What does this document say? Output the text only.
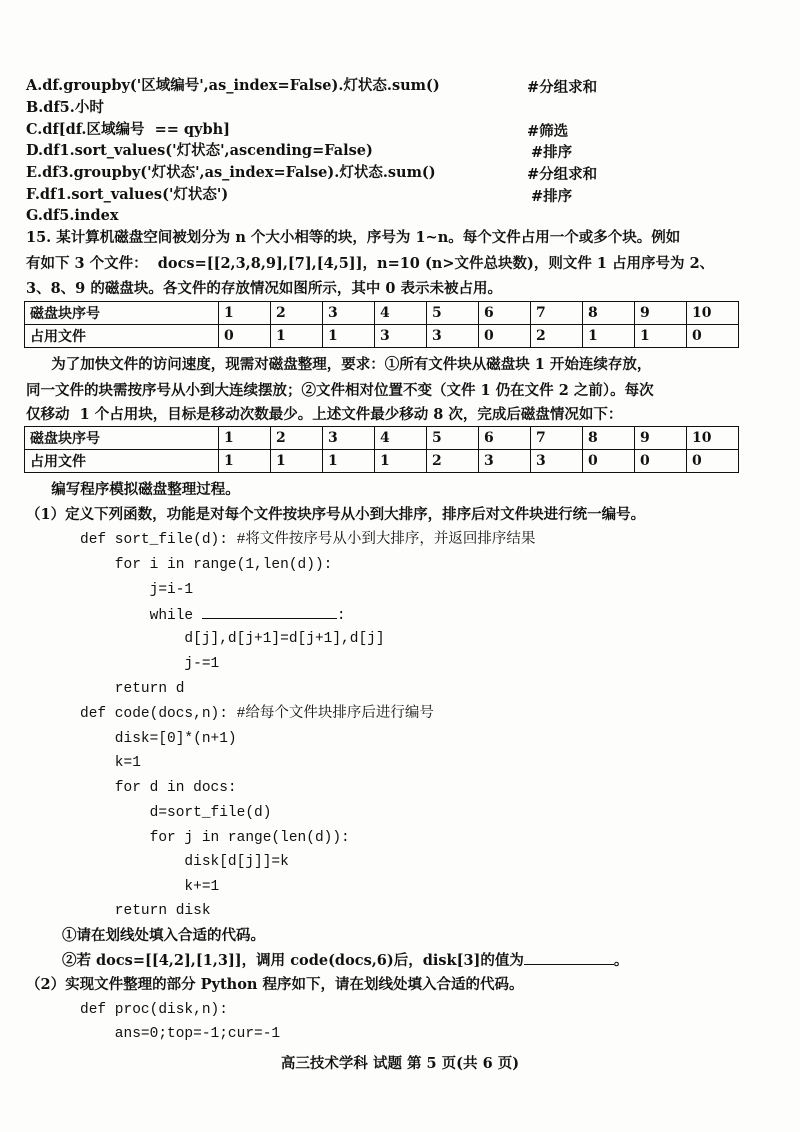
A.df.groupby('区域编号',as_index=False).灯状态.sum()	#分组求和
B.df5.小时
C.df[df.区域编号  == qybh]	#筛选
D.df1.sort_values('灯状态',ascending=False)	#排序
E.df3.groupby('灯状态',as_index=False).灯状态.sum()	#分组求和
F.df1.sort_values('灯状态')	#排序
G.df5.index
15. 某计算机磁盘空间被划分为 n 个大小相等的块，序号为 1~n。每个文件占用一个或多个块。例如
有如下 3 个文件：  docs=[[2,3,8,9],[7],[4,5]]，n=10 (n>文件总块数)，则文件 1 占用序号为 2、
3、8、9 的磁盘块。各文件的存放情况如图所示，其中 0 表示未被占用。
磁盘块序号	1	2	3	4	5	6	7	8	9	10
占用文件	0	1	1	3	3	0	2	1	1	0
为了加快文件的访问速度，现需对磁盘整理，要求：①所有文件块从磁盘块 1 开始连续存放，
同一文件的块需按序号从小到大连续摆放；②文件相对位置不变（文件 1 仍在文件 2 之前）。每次
仅移动  1 个占用块，目标是移动次数最少。上述文件最少移动 8 次，完成后磁盘情况如下：
磁盘块序号	1	2	3	4	5	6	7	8	9	10
占用文件	1	1	1	1	2	3	3	0	0	0
编写程序模拟磁盘整理过程。
（1）定义下列函数，功能是对每个文件按块序号从小到大排序，排序后对文件块进行统一编号。
def sort_file(d): #将文件按序号从小到大排序，并返回排序结果
for i in range(1,len(d)):
j=i-1
while	:
d[j],d[j+1]=d[j+1],d[j]
j-=1
return d
def code(docs,n): #给每个文件块排序后进行编号
disk=[0]*(n+1)
k=1
for d in docs:
d=sort_file(d)
for j in range(len(d)):
disk[d[j]]=k
k+=1
return disk
①请在划线处填入合适的代码。
②若 docs=[[4,2],[1,3]]，调用 code(docs,6)后，disk[3]的值为	。
（2）实现文件整理的部分 Python 程序如下，请在划线处填入合适的代码。
def proc(disk,n):
ans=0;top=-1;cur=-1
高三技术学科 试题 第 5 页(共 6 页)
